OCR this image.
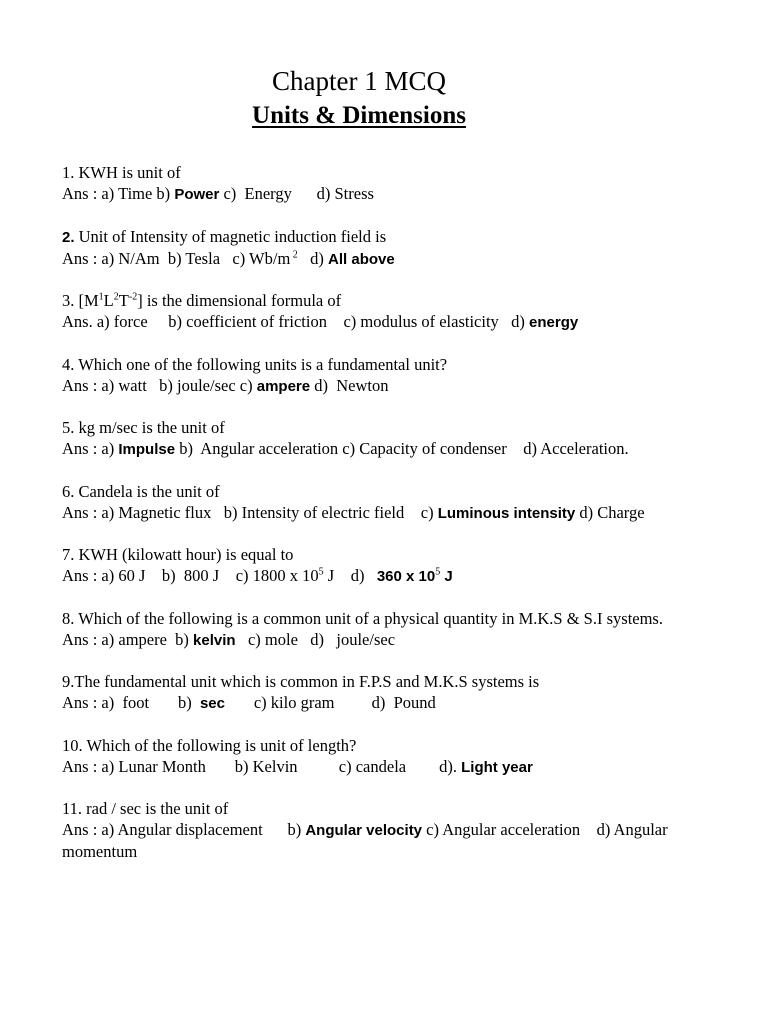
Chapter 1 MCQ
Units & Dimensions
1. KWH is unit of
Ans : a) Time b) Power c)  Energy      d) Stress
2. Unit of Intensity of magnetic induction field is
Ans : a) N/Am  b) Tesla   c) Wb/m $^2$   d) All above
3. $[M^1L^2T^{-2}]$ is the dimensional formula of
Ans. a) force     b) coefficient of friction    c) modulus of elasticity   d) energy
4. Which one of the following units is a fundamental unit?
Ans : a) watt   b) joule/sec c) ampere d)  Newton
5. kg m/sec is the unit of
Ans : a) Impulse b)  Angular acceleration c) Capacity of condenser    d) Acceleration.
6. Candela is the unit of
Ans : a) Magnetic flux   b) Intensity of electric field    c) Luminous intensity d) Charge
7. KWH (kilowatt hour) is equal to
Ans : a) 60 J    b)  800 J    c) 1800 x $10^5$ J    d)   360 x $10^5$ J
8. Which of the following is a common unit of a physical quantity in M.K.S & S.I systems.
Ans : a) ampere  b) kelvin   c) mole   d)   joule/sec
9.The fundamental unit which is common in F.P.S and M.K.S systems is
Ans : a)  foot       b)  sec       c) kilo gram         d)  Pound
10. Which of the following is unit of length?
Ans : a) Lunar Month       b) Kelvin          c) candela        d). Light year
11. rad / sec is the unit of
Ans : a) Angular displacement      b) Angular velocity c) Angular acceleration    d) Angular momentum
